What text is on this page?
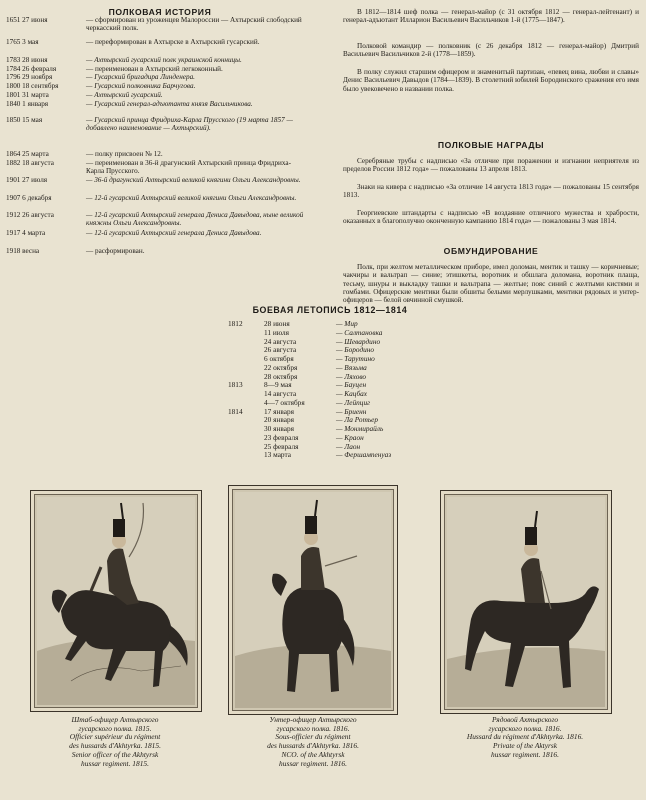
ПОЛКОВАЯ ИСТОРИЯ
1651 27 июня	— сформирован из уроженцев Малороссии — Ахтырский слободский черкасский полк.
1765 3 мая	— переформирован в Ахтырске в Ахтырский гусарский.
1783 28 июня	— Ахтырский гусарский полк украинской конницы.
1784 26 февраля	— переименован в Ахтырский легкоконный.
1796 29 ноября	— Гусарский бригадира Линденера.
1800 18 сентября	— Гусарский полковника Барчугова.
1801 31 марта	— Ахтырский гусарский.
1840 1 января	— Гусарский генерал-адъютанта князя Васильчикова.
1850 15 мая	— Гусарский принца Фридриха-Карла Прусского (19 марта 1857 — добавлено наименование — Ахтырский).
1864 25 марта	— полку присвоен № 12.
1882 18 августа	— переименован в 36-й драгунский Ахтырский принца Фридриха-Карла Прусского.
1901 27 июля	— 36-й драгунский Ахтырский великой княгини Ольги Александровны.
1907 6 декабря	— 12-й гусарский Ахтырский великой княгини Ольги Александровны.
1912 26 августа	— 12-й гусарский Ахтырский генерала Дениса Давыдова, ныне великой княжны Ольги Александровны.
1917 4 марта	— 12-й гусарский Ахтырский генерала Дениса Давыдова.
1918 весна	— расформирован.
В 1812—1814 шеф полка — генерал-майор (с 31 октября 1812 — генерал-лейтенант) и генерал-адъютант Илларион Васильевич Васильчиков 1-й (1775—1847).
Полковой командир — полковник (с 26 декабря 1812 — генерал-майор) Дмитрий Васильевич Васильчиков 2-й (1778—1859).
В полку служил старшим офицером и знаменитый партизан, «певец вина, любви и славы» Денис Васильевич Давыдов (1784—1839). В столетний юбилей Бородинского сражения его имя было увековечено в названии полка.
ПОЛКОВЫЕ НАГРАДЫ
Серебряные трубы с надписью «За отличие при поражении и изгнании неприятеля из пределов России 1812 года» — пожалованы 13 апреля 1813.
Знаки на кивера с надписью «За отличие 14 августа 1813 года» — пожалованы 15 сентября 1813.
Георгиевские штандарты с надписью «В воздаяние отличного мужества и храбрости, оказанных в благополучно оконченную кампанию 1814 года» — пожалованы 3 мая 1814.
ОБМУНДИРОВАНИЕ
Полк, при желтом металлическом приборе, имел доломан, ментик и ташку — коричневые; чакчиры и вальтрап — синие; этишкеты, воротник и обшлага доломана, воротник плаща, тесьму, шнуры и выкладку ташки и вальтрапа — желтые; пояс синий с желтыми кистями и гомбами. Офицерские ментики были обшиты белыми мерлушками, ментики рядовых и унтер-офицеров — белой овчинной смушкой.
БОЕВАЯ ЛЕТОПИСЬ 1812—1814
1812	28 июня	— Мир
11 июля	— Салтановка
24 августа	— Шевардино
26 августа	— Бородино
6 октября	— Тарутино
22 октября	— Вязьма
28 октября	— Ляхово
1813	8—9 мая	— Бауцен
14 августа	— Кацбах
4—7 октября	— Лейпциг
1814	17 января	— Бриенн
20 января	— Ла Ротьер
30 января	— Монмирайль
23 февраля	— Краон
25 февраля	— Лаон
13 марта	— Фершампенуаз
Штаб-офицер Ахтырского
гусарского полка. 1815.
Officier supérieur du régiment
des hussards d'Akhtyrka. 1815.
Senior officer of the Akhtyrsk
hussar regiment. 1815.
Унтер-офицер Ахтырского
гусарского полка. 1816.
Sous-officier du régiment
des hussards d'Akhtyrka. 1816.
NCO. of the Akhtyrsk
hussar regiment. 1816.
Рядовой Ахтырского
гусарского полка. 1816.
Hussard du régiment d'Akhtyrka. 1816.
Private of the Aktyrsk
hussar regiment. 1816.
